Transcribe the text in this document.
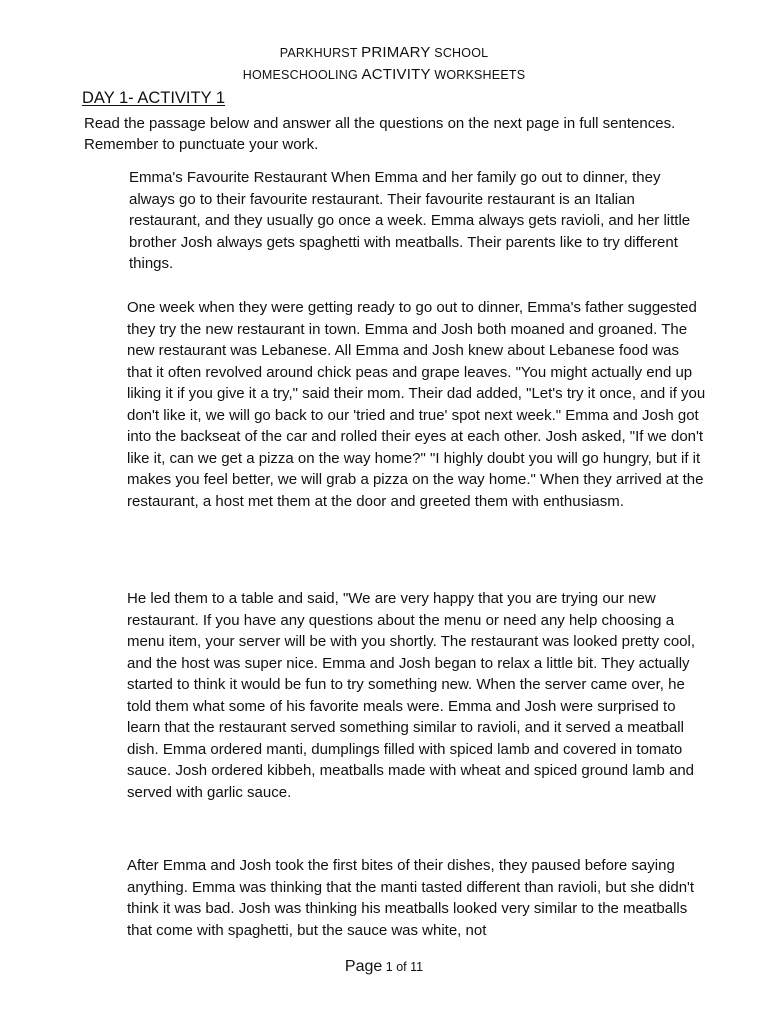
PARKHURST PRIMARY SCHOOL
HOMESCHOOLING ACTIVITY WORKSHEETS
DAY 1- ACTIVITY 1
Read the passage below and answer all the questions on the next page in full sentences. Remember to punctuate your work.

Emma's Favourite Restaurant When Emma and her family go out to dinner, they always go to their favourite restaurant. Their favourite restaurant is an Italian restaurant, and they usually go once a week. Emma always gets ravioli, and her little brother Josh always gets spaghetti with meatballs. Their parents like to try different things.

One week when they were getting ready to go out to dinner, Emma's father suggested they try the new restaurant in town. Emma and Josh both moaned and groaned. The new restaurant was Lebanese. All Emma and Josh knew about Lebanese food was that it often revolved around chick peas and grape leaves. "You might actually end up liking it if you give it a try," said their mom. Their dad added, "Let's try it once, and if you don't like it, we will go back to our 'tried and true' spot next week." Emma and Josh got into the backseat of the car and rolled their eyes at each other. Josh asked, "If we don't like it, can we get a pizza on the way home?" "I highly doubt you will go hungry, but if it makes you feel better, we will grab a pizza on the way home." When they arrived at the restaurant, a host met them at the door and greeted them with enthusiasm.

He led them to a table and said, "We are very happy that you are trying our new restaurant. If you have any questions about the menu or need any help choosing a menu item, your server will be with you shortly. The restaurant was looked pretty cool, and the host was super nice. Emma and Josh began to relax a little bit. They actually started to think it would be fun to try something new. When the server came over, he told them what some of his favorite meals were. Emma and Josh were surprised to learn that the restaurant served something similar to ravioli, and it served a meatball dish. Emma ordered manti, dumplings filled with spiced lamb and covered in tomato sauce. Josh ordered kibbeh, meatballs made with wheat and spiced ground lamb and served with garlic sauce.

After Emma and Josh took the first bites of their dishes, they paused before saying anything. Emma was thinking that the manti tasted different than ravioli, but she didn't think it was bad. Josh was thinking his meatballs looked very similar to the meatballs that come with spaghetti, but the sauce was white, not

Page 1 of 11
